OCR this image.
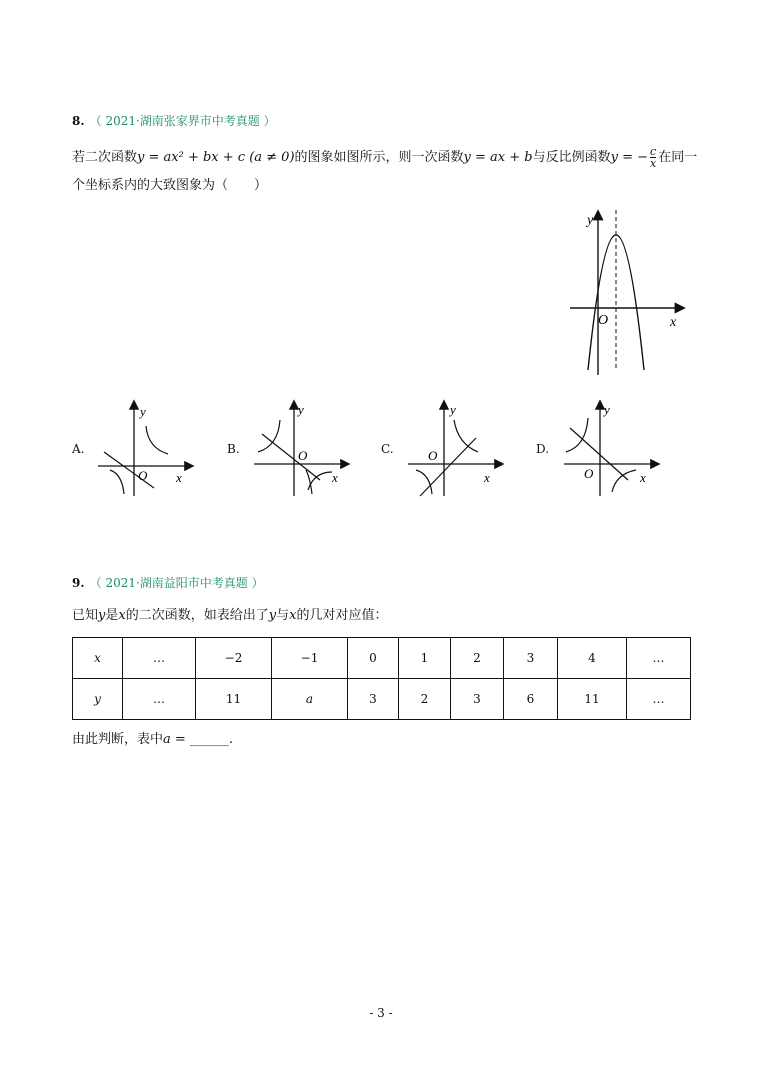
8. （ 2021·湖南张家界市中考真题 ）
若二次函数y = ax² + bx + c (a ≠ 0)的图象如图所示，则一次函数y = ax + b与反比例函数y = − $\frac{c}{x}$ 在同一
个坐标系内的大致图象为（　　）
y
x
O
A.
y
x
O
B.
y
x
O	C.
y
x
O	D.
y
x
O
9. （ 2021·湖南益阳市中考真题 ）
已知y是x的二次函数，如表给出了y与x的几对对应值：
x	…	−2	−1	0	1	2	3	4	…
y	…	11	a	3	2	3	6	11	…
由此判断，表中a = ______.
- 3 -
